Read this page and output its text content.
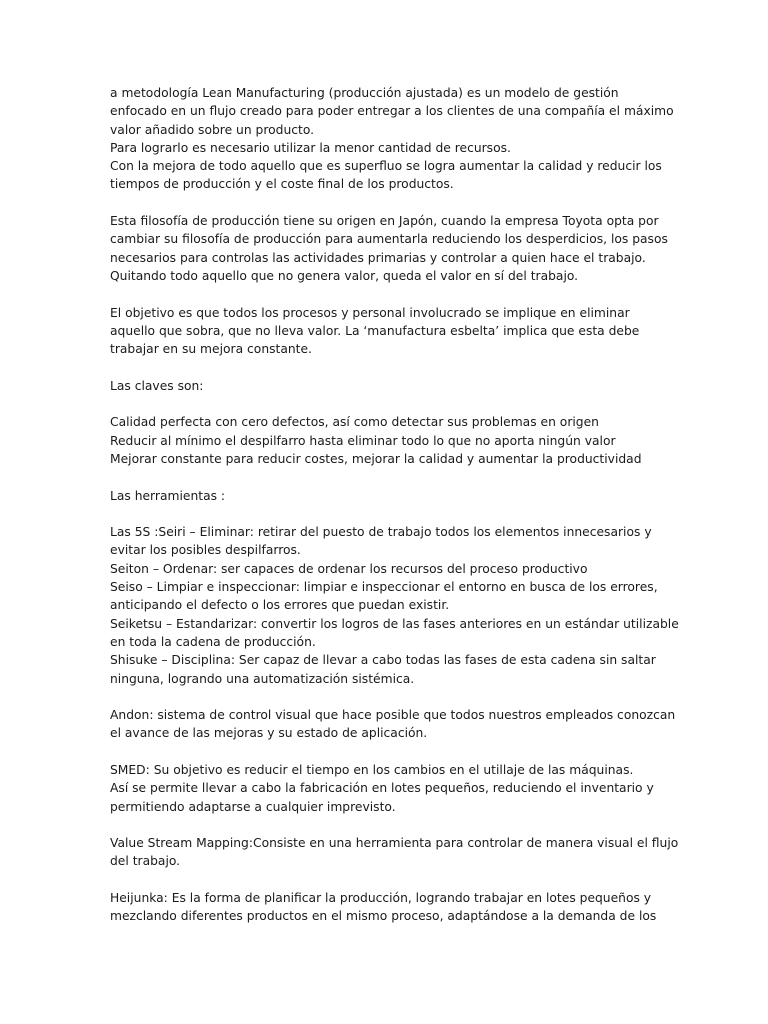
a metodología Lean Manufacturing (producción ajustada) es un modelo de gestión
enfocado en un flujo creado para poder entregar a los clientes de una compañía el máximo
valor añadido sobre un producto.
Para lograrlo es necesario utilizar la menor cantidad de recursos.
Con la mejora de todo aquello que es superfluo se logra aumentar la calidad y reducir los
tiempos de producción y el coste final de los productos.

Esta filosofía de producción tiene su origen en Japón, cuando la empresa Toyota opta por
cambiar su filosofía de producción para aumentarla reduciendo los desperdicios, los pasos
necesarios para controlas las actividades primarias y controlar a quien hace el trabajo.
Quitando todo aquello que no genera valor, queda el valor en sí del trabajo.

El objetivo es que todos los procesos y personal involucrado se implique en eliminar
aquello que sobra, que no lleva valor. La ‘manufactura esbelta’ implica que esta debe
trabajar en su mejora constante.

Las claves son:

Calidad perfecta con cero defectos, así como detectar sus problemas en origen
Reducir al mínimo el despilfarro hasta eliminar todo lo que no aporta ningún valor
Mejorar constante para reducir costes, mejorar la calidad y aumentar la productividad

Las herramientas :

Las 5S :Seiri – Eliminar: retirar del puesto de trabajo todos los elementos innecesarios y
evitar los posibles despilfarros.
Seiton – Ordenar: ser capaces de ordenar los recursos del proceso productivo
Seiso – Limpiar e inspeccionar: limpiar e inspeccionar el entorno en busca de los errores,
anticipando el defecto o los errores que puedan existir.
Seiketsu – Estandarizar: convertir los logros de las fases anteriores en un estándar utilizable
en toda la cadena de producción.
Shisuke – Disciplina: Ser capaz de llevar a cabo todas las fases de esta cadena sin saltar
ninguna, logrando una automatización sistémica.

Andon: sistema de control visual que hace posible que todos nuestros empleados conozcan
el avance de las mejoras y su estado de aplicación.

SMED: Su objetivo es reducir el tiempo en los cambios en el utillaje de las máquinas.
Así se permite llevar a cabo la fabricación en lotes pequeños, reduciendo el inventario y
permitiendo adaptarse a cualquier imprevisto.

Value Stream Mapping:Consiste en una herramienta para controlar de manera visual el flujo
del trabajo.

Heijunka: Es la forma de planificar la producción, logrando trabajar en lotes pequeños y
mezclando diferentes productos en el mismo proceso, adaptándose a la demanda de los
